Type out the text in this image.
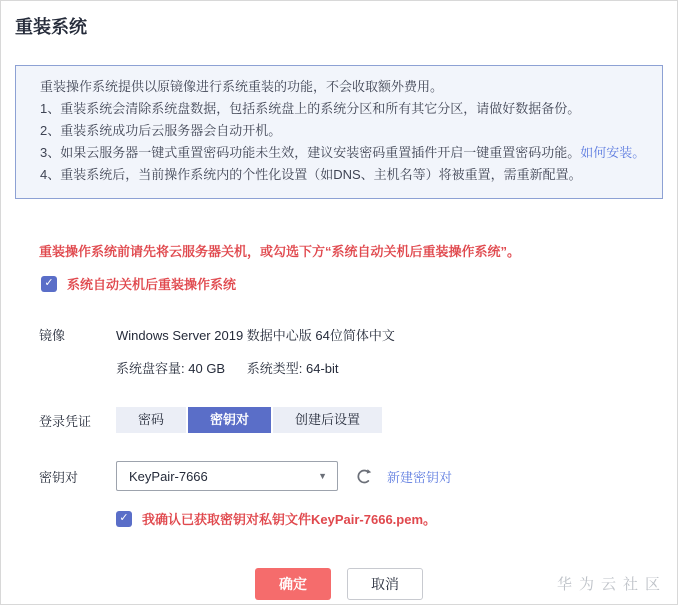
重装系统
重装操作系统提供以原镜像进行系统重装的功能，不会收取额外费用。
1、重装系统会清除系统盘数据，包括系统盘上的系统分区和所有其它分区，请做好数据备份。
2、重装系统成功后云服务器会自动开机。
3、如果云服务器一键式重置密码功能未生效，建议安装密码重置插件开启一键重置密码功能。如何安装。
4、重装系统后，当前操作系统内的个性化设置（如DNS、主机名等）将被重置，需重新配置。
重装操作系统前请先将云服务器关机，或勾选下方“系统自动关机后重装操作系统”。
✓ 系统自动关机后重装操作系统
镜像	Windows Server 2019 数据中心版 64位简体中文
系统盘容量: 40 GB 系统类型: 64-bit
登录凭证	密码	密钥对	创建后设置
密钥对	KeyPair-7666	▼	新建密钥对
✓ 我确认已获取密钥对私钥文件KeyPair-7666.pem。
确定	取消	华为云社区
